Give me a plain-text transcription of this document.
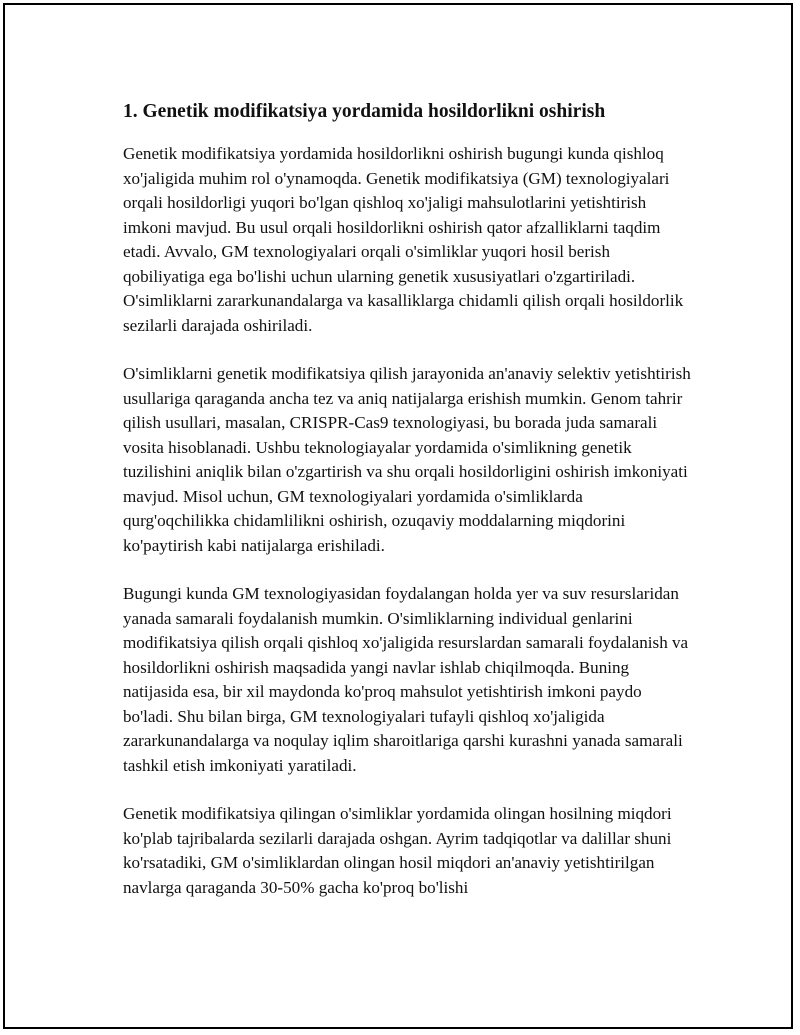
1. Genetik modifikatsiya yordamida hosildorlikni oshirish

Genetik modifikatsiya yordamida hosildorlikni oshirish bugungi kunda qishloq xo'jaligida muhim rol o'ynamoqda. Genetik modifikatsiya (GM) texnologiyalari orqali hosildorligi yuqori bo'lgan qishloq xo'jaligi mahsulotlarini yetishtirish imkoni mavjud. Bu usul orqali hosildorlikni oshirish qator afzalliklarni taqdim etadi. Avvalo, GM texnologiyalari orqali o'simliklar yuqori hosil berish qobiliyatiga ega bo'lishi uchun ularning genetik xususiyatlari o'zgartiriladi. O'simliklarni zararkunandalarga va kasalliklarga chidamli qilish orqali hosildorlik sezilarli darajada oshiriladi.

O'simliklarni genetik modifikatsiya qilish jarayonida an'anaviy selektiv yetishtirish usullariga qaraganda ancha tez va aniq natijalarga erishish mumkin. Genom tahrir qilish usullari, masalan, CRISPR-Cas9 texnologiyasi, bu borada juda samarali vosita hisoblanadi. Ushbu teknologiayalar yordamida o'simlikning genetik tuzilishini aniqlik bilan o'zgartirish va shu orqali hosildorligini oshirish imkoniyati mavjud. Misol uchun, GM texnologiyalari yordamida o'simliklarda qurg'oqchilikka chidamlilikni oshirish, ozuqaviy moddalarning miqdorini ko'paytirish kabi natijalarga erishiladi.

Bugungi kunda GM texnologiyasidan foydalangan holda yer va suv resurslaridan yanada samarali foydalanish mumkin. O'simliklarning individual genlarini modifikatsiya qilish orqali qishloq xo'jaligida resurslardan samarali foydalanish va hosildorlikni oshirish maqsadida yangi navlar ishlab chiqilmoqda. Buning natijasida esa, bir xil maydonda ko'proq mahsulot yetishtirish imkoni paydo bo'ladi. Shu bilan birga, GM texnologiyalari tufayli qishloq xo'jaligida zararkunandalarga va noqulay iqlim sharoitlariga qarshi kurashni yanada samarali tashkil etish imkoniyati yaratiladi.

Genetik modifikatsiya qilingan o'simliklar yordamida olingan hosilning miqdori ko'plab tajribalarda sezilarli darajada oshgan. Ayrim tadqiqotlar va dalillar shuni ko'rsatadiki, GM o'simliklardan olingan hosil miqdori an'anaviy yetishtirilgan navlarga qaraganda 30-50% gacha ko'proq bo'lishi
